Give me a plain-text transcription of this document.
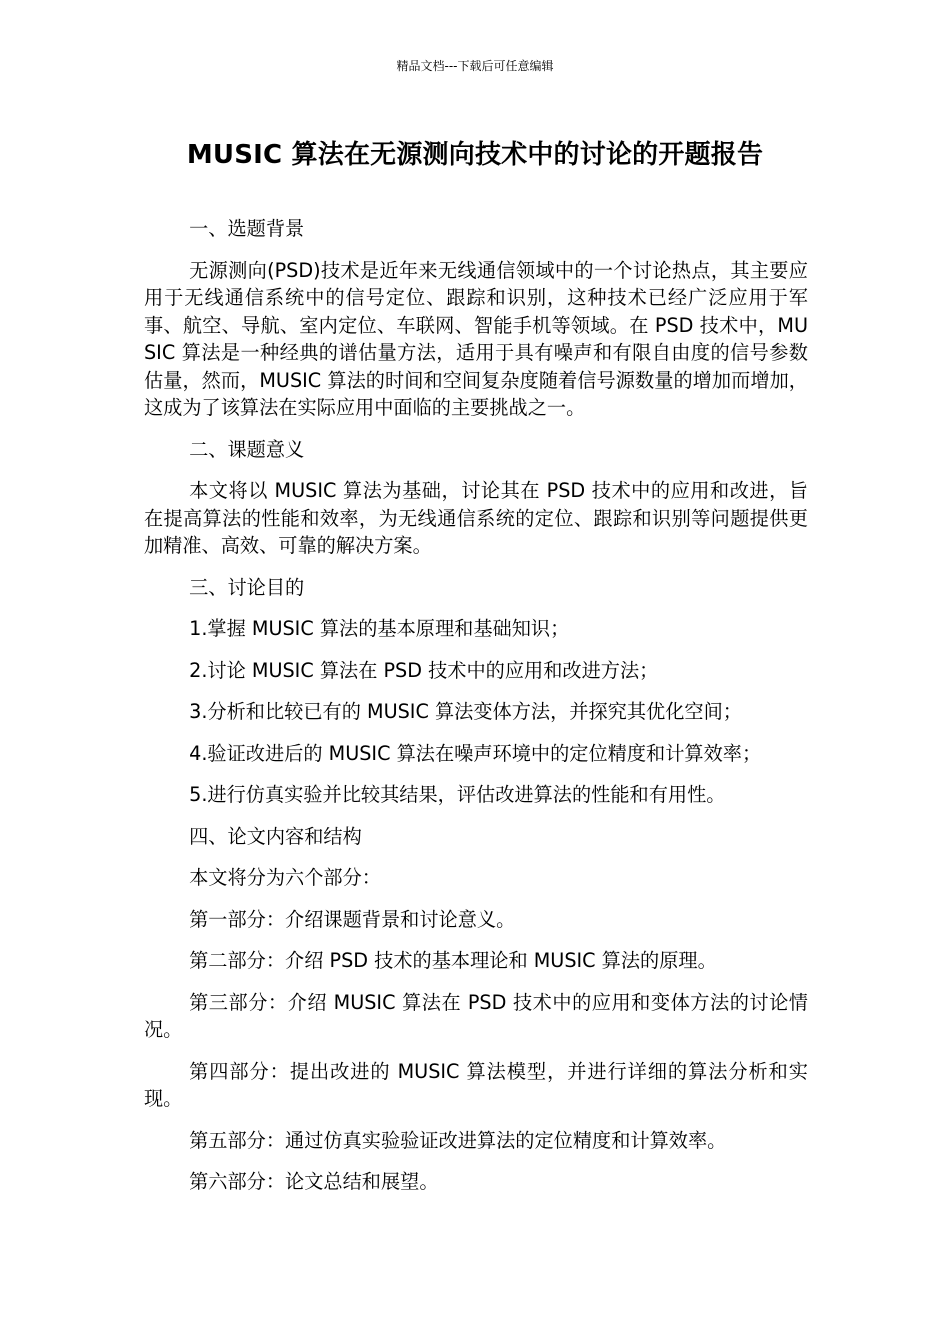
精品文档---下载后可任意编辑
MUSIC 算法在无源测向技术中的讨论的开题报告

一、选题背景

无源测向(PSD)技术是近年来无线通信领域中的一个讨论热点，其主要应用于无线通信系统中的信号定位、跟踪和识别，这种技术已经广泛应用于军事、航空、导航、室内定位、车联网、智能手机等领域。在 PSD 技术中，MUSIC 算法是一种经典的谱估量方法，适用于具有噪声和有限自由度的信号参数估量，然而，MUSIC 算法的时间和空间复杂度随着信号源数量的增加而增加，这成为了该算法在实际应用中面临的主要挑战之一。

二、课题意义

本文将以 MUSIC 算法为基础，讨论其在 PSD 技术中的应用和改进，旨在提高算法的性能和效率，为无线通信系统的定位、跟踪和识别等问题提供更加精准、高效、可靠的解决方案。

三、讨论目的

1.掌握 MUSIC 算法的基本原理和基础知识；

2.讨论 MUSIC 算法在 PSD 技术中的应用和改进方法；

3.分析和比较已有的 MUSIC 算法变体方法，并探究其优化空间；

4.验证改进后的 MUSIC 算法在噪声环境中的定位精度和计算效率；

5.进行仿真实验并比较其结果，评估改进算法的性能和有用性。

四、论文内容和结构

本文将分为六个部分：

第一部分：介绍课题背景和讨论意义。

第二部分：介绍 PSD 技术的基本理论和 MUSIC 算法的原理。

第三部分：介绍 MUSIC 算法在 PSD 技术中的应用和变体方法的讨论情况。

第四部分：提出改进的 MUSIC 算法模型，并进行详细的算法分析和实现。

第五部分：通过仿真实验验证改进算法的定位精度和计算效率。

第六部分：论文总结和展望。
